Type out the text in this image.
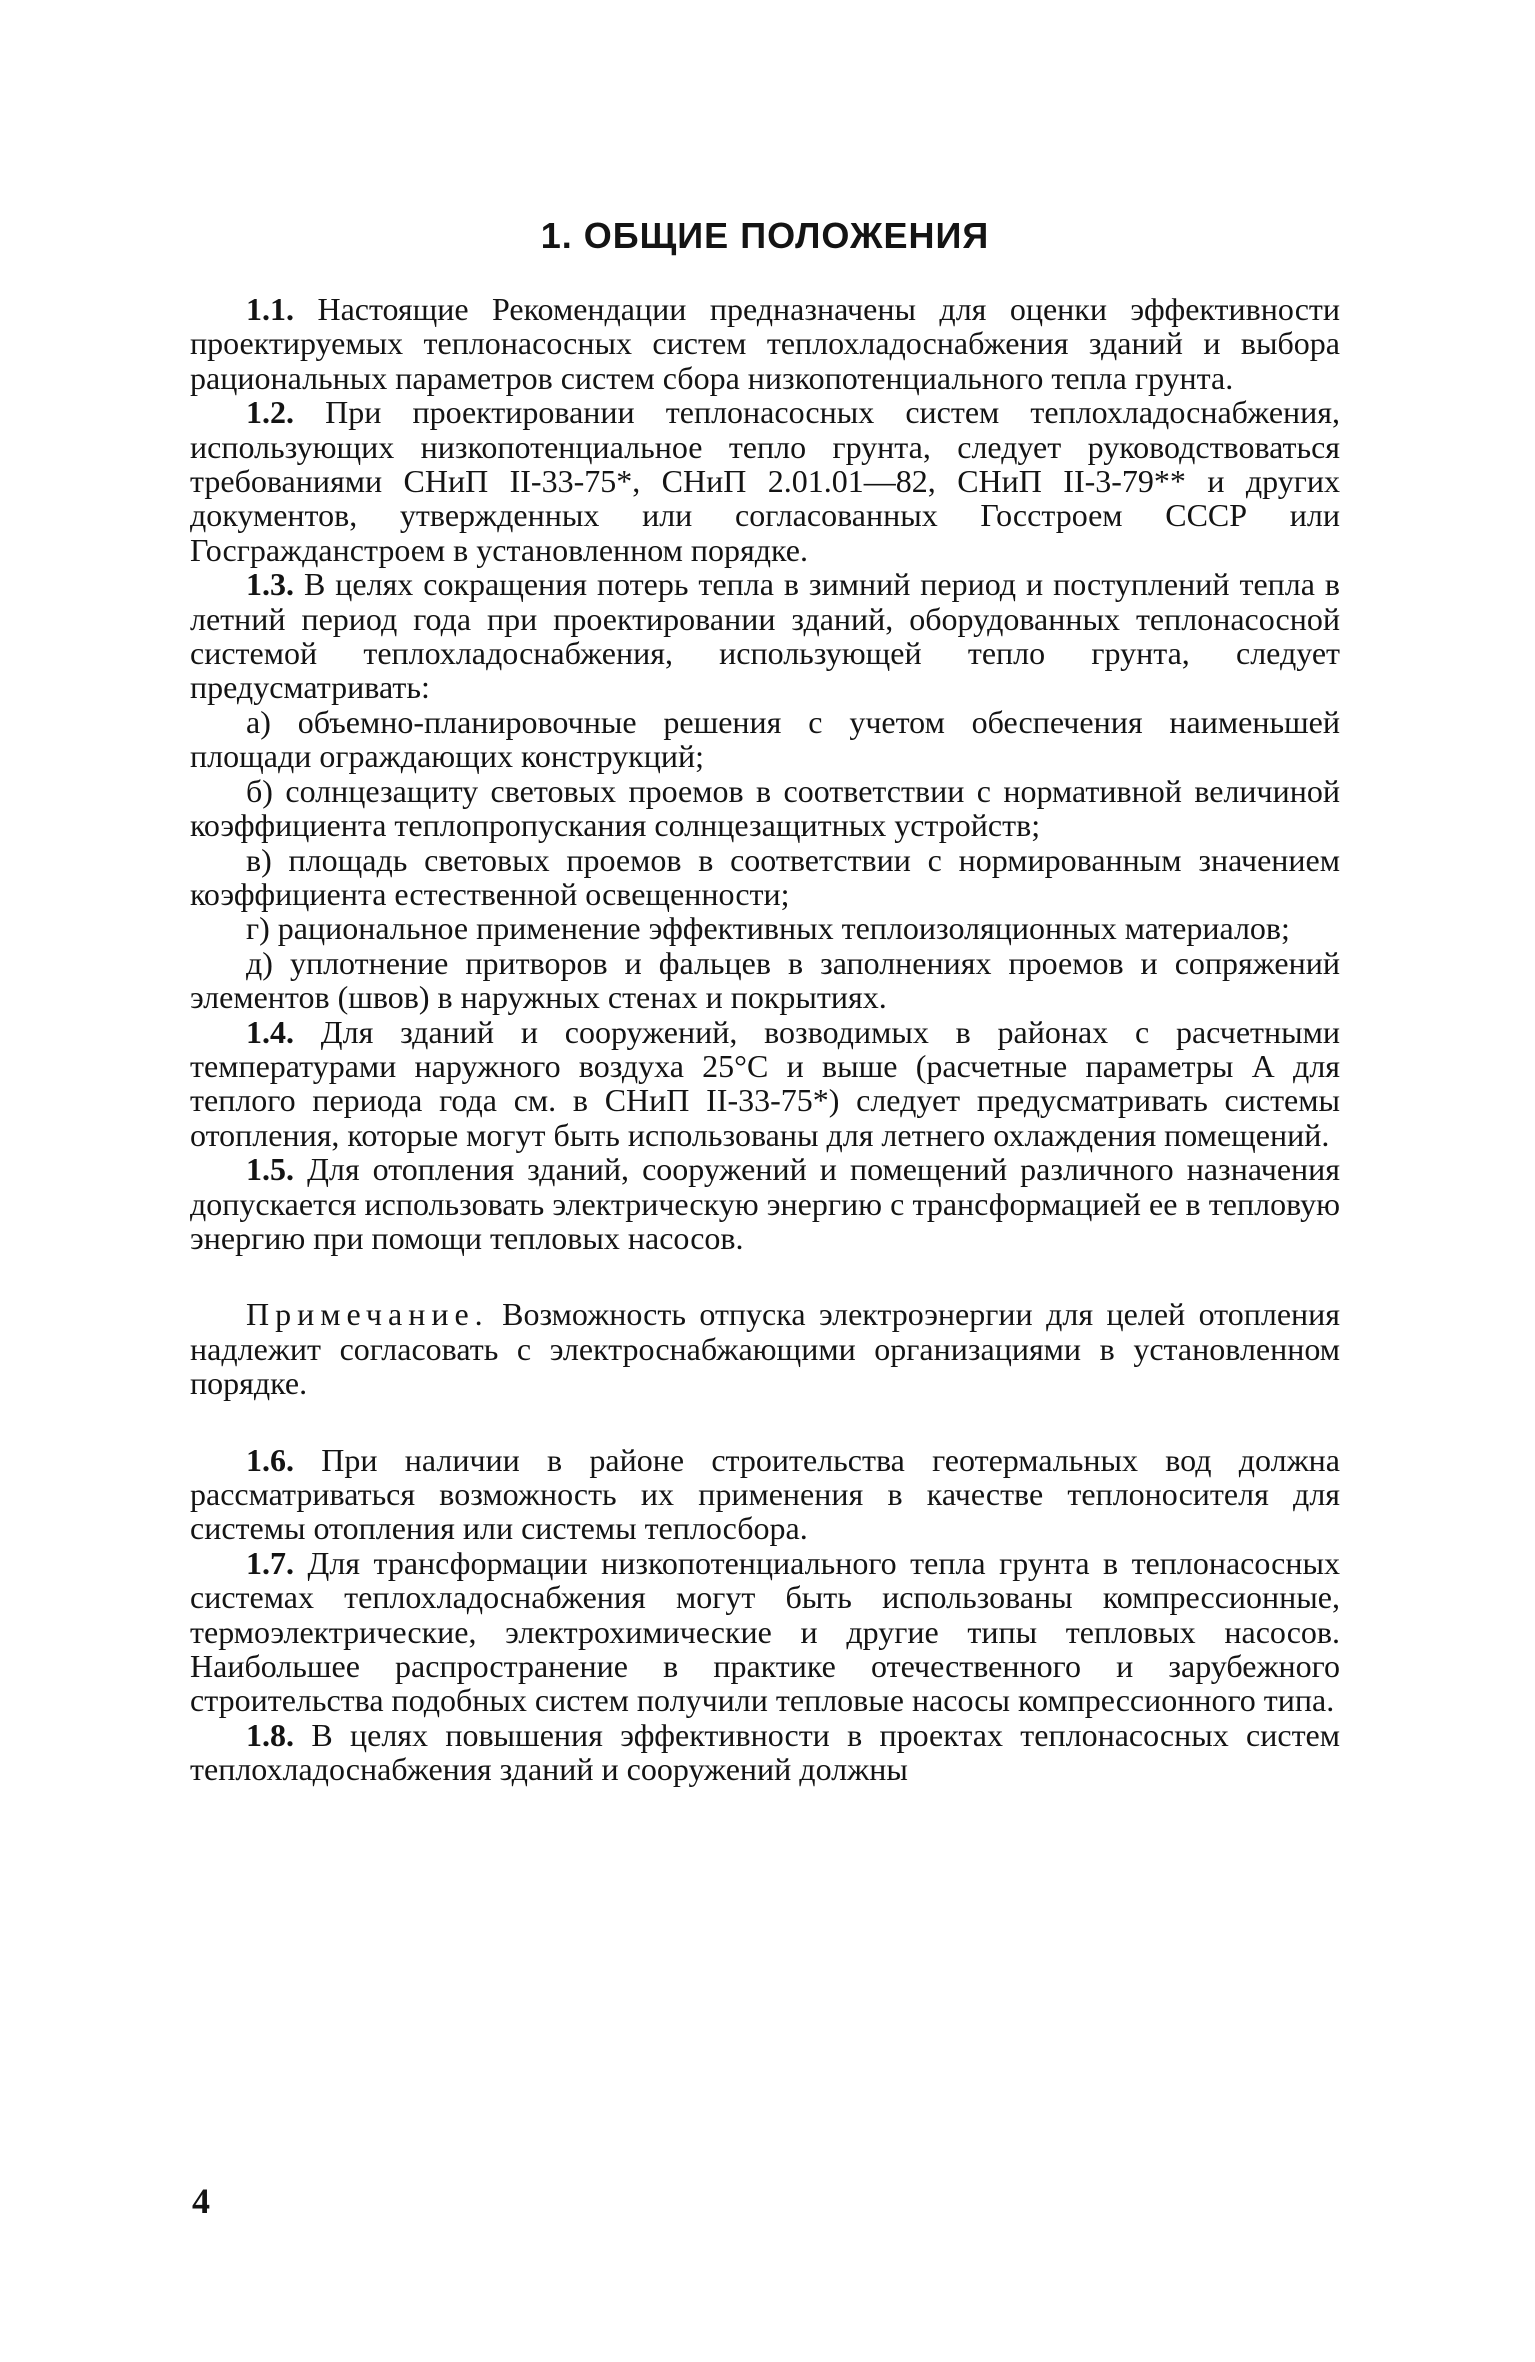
1. ОБЩИЕ ПОЛОЖЕНИЯ

1.1. Настоящие Рекомендации предназначены для оценки эффективности проектируемых теплонасосных систем теплохладоснабжения зданий и выбора рациональных параметров систем сбора низкопотенциального тепла грунта.

1.2. При проектировании теплонасосных систем теплохладоснабжения, использующих низкопотенциальное тепло грунта, следует руководствоваться требованиями СНиП II-33-75*, СНиП 2.01.01—82, СНиП II-3-79** и других документов, утвержденных или согласованных Госстроем СССР или Госгражданстроем в установленном порядке.

1.3. В целях сокращения потерь тепла в зимний период и поступлений тепла в летний период года при проектировании зданий, оборудованных теплонасосной системой теплохладоснабжения, использующей тепло грунта, следует предусматривать:

а) объемно-планировочные решения с учетом обеспечения наименьшей площади ограждающих конструкций;

б) солнцезащиту световых проемов в соответствии с нормативной величиной коэффициента теплопропускания солнцезащитных устройств;

в) площадь световых проемов в соответствии с нормированным значением коэффициента естественной освещенности;

г) рациональное применение эффективных теплоизоляционных материалов;

д) уплотнение притворов и фальцев в заполнениях проемов и сопряжений элементов (швов) в наружных стенах и покрытиях.

1.4. Для зданий и сооружений, возводимых в районах с расчетными температурами наружного воздуха 25°С и выше (расчетные параметры А для теплого периода года см. в СНиП II-33-75*) следует предусматривать системы отопления, которые могут быть использованы для летнего охлаждения помещений.

1.5. Для отопления зданий, сооружений и помещений различного назначения допускается использовать электрическую энергию с трансформацией ее в тепловую энергию при помощи тепловых насосов.

Примечание. Возможность отпуска электроэнергии для целей отопления надлежит согласовать с электроснабжающими организациями в установленном порядке.

1.6. При наличии в районе строительства геотермальных вод должна рассматриваться возможность их применения в качестве теплоносителя для системы отопления или системы теплосбора.

1.7. Для трансформации низкопотенциального тепла грунта в теплонасосных системах теплохладоснабжения могут быть использованы компрессионные, термоэлектрические, электрохимические и другие типы тепловых насосов. Наибольшее распространение в практике отечественного и зарубежного строительства подобных систем получили тепловые насосы компрессионного типа.

1.8. В целях повышения эффективности в проектах теплонасосных систем теплохладоснабжения зданий и сооружений должны

4
